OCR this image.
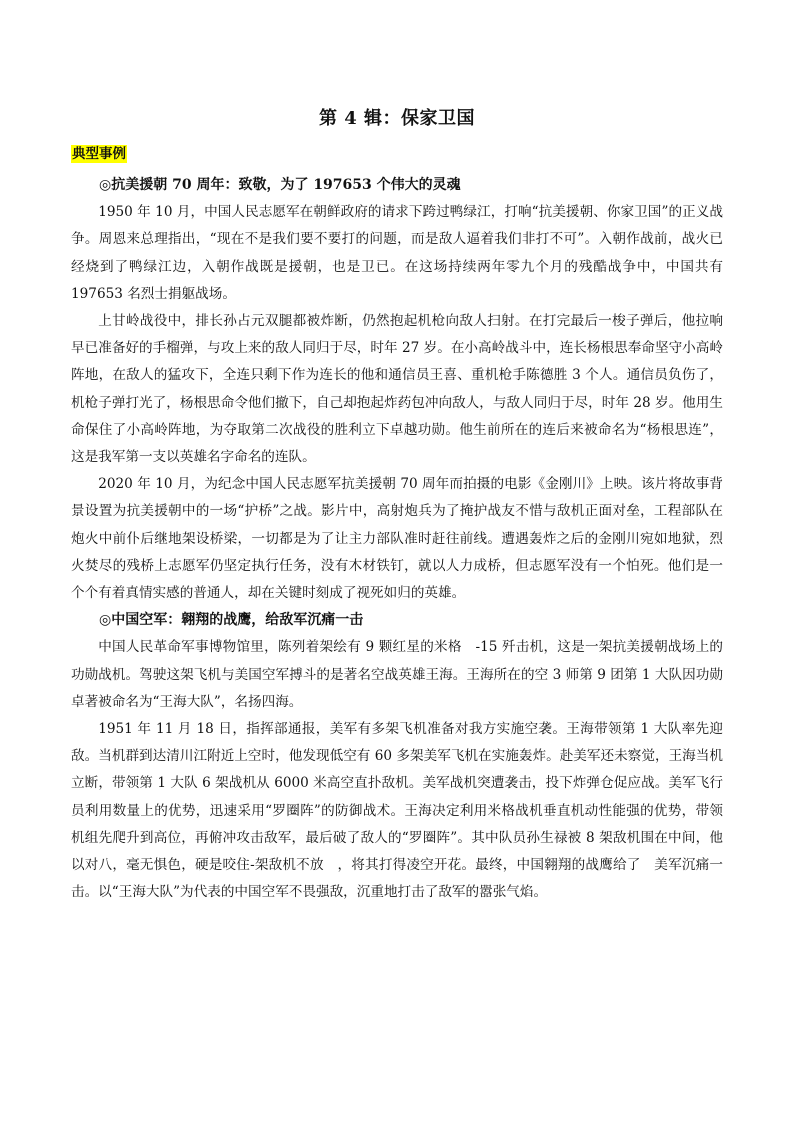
第 4 辑：保家卫国
典型事例

◎抗美援朝 70 周年：致敬，为了 197653 个伟大的灵魂

1950 年 10 月，中国人民志愿军在朝鲜政府的请求下跨过鸭绿江，打响“抗美援朝、你家卫国”的正义战争。周恩来总理指出，“现在不是我们要不要打的问题，而是敌人逼着我们非打不可”。入朝作战前，战火已经烧到了鸭绿江边，入朝作战既是援朝，也是卫已。在这场持续两年零九个月的残酷战争中，中国共有 197653 名烈士捐躯战场。

上甘岭战役中，排长孙占元双腿都被炸断，仍然抱起机枪向敌人扫射。在打完最后一梭子弹后，他拉响早已准备好的手榴弹，与攻上来的敌人同归于尽，时年 27 岁。在小高岭战斗中，连长杨根思奉命坚守小高岭阵地，在敌人的猛攻下，全连只剩下作为连长的他和通信员王喜、重机枪手陈德胜 3 个人。通信员负伤了，机枪子弹打光了，杨根思命令他们撤下，自己却抱起炸药包冲向敌人，与敌人同归于尽，时年 28 岁。他用生命保住了小高岭阵地，为夺取第二次战役的胜利立下卓越功勋。他生前所在的连后来被命名为“杨根思连”，这是我军第一支以英雄名字命名的连队。

2020 年 10 月，为纪念中国人民志愿军抗美援朝 70 周年而拍摄的电影《金刚川》上映。该片将故事背景设置为抗美援朝中的一场“护桥”之战。影片中，高射炮兵为了掩护战友不惜与敌机正面对垒，工程部队在炮火中前仆后继地架设桥梁，一切都是为了让主力部队准时赶往前线。遭遇轰炸之后的金刚川宛如地狱，烈火焚尽的残桥上志愿军仍坚定执行任务，没有木材铁钉，就以人力成桥，但志愿军没有一个怕死。他们是一个个有着真情实感的普通人，却在关键时刻成了视死如归的英雄。

◎中国空军：翱翔的战鹰，给敌军沉痛一击

中国人民革命军事博物馆里，陈列着架绘有 9 颗红星的米格　-15 歼击机，这是一架抗美援朝战场上的功勋战机。驾驶这架飞机与美国空军搏斗的是著名空战英雄王海。王海所在的空 3 师第 9 团第 1 大队因功勋卓著被命名为“王海大队”，名扬四海。

1951 年 11 月 18 日，指挥部通报，美军有多架飞机准备对我方实施空袭。王海带领第 1 大队率先迎敌。当机群到达清川江附近上空时，他发现低空有 60 多架美军飞机在实施轰炸。赴美军还未察觉，王海当机立断，带领第 1 大队 6 架战机从 6000 米高空直扑敌机。美军战机突遭袭击，投下炸弹仓促应战。美军飞行员利用数量上的优势，迅速采用“罗圈阵”的防御战术。王海决定利用米格战机垂直机动性能强的优势，带领机组先爬升到高位，再俯冲攻击敌军，最后破了敌人的“罗圈阵”。其中队员孙生禄被 8 架敌机围在中间，他以对八，毫无惧色，硬是咬住-架敌机不放　，将其打得凌空开花。最终，中国翱翔的战鹰给了　美军沉痛一击。以“王海大队”为代表的中国空军不畏强敌，沉重地打击了敌军的嚣张气焰。
